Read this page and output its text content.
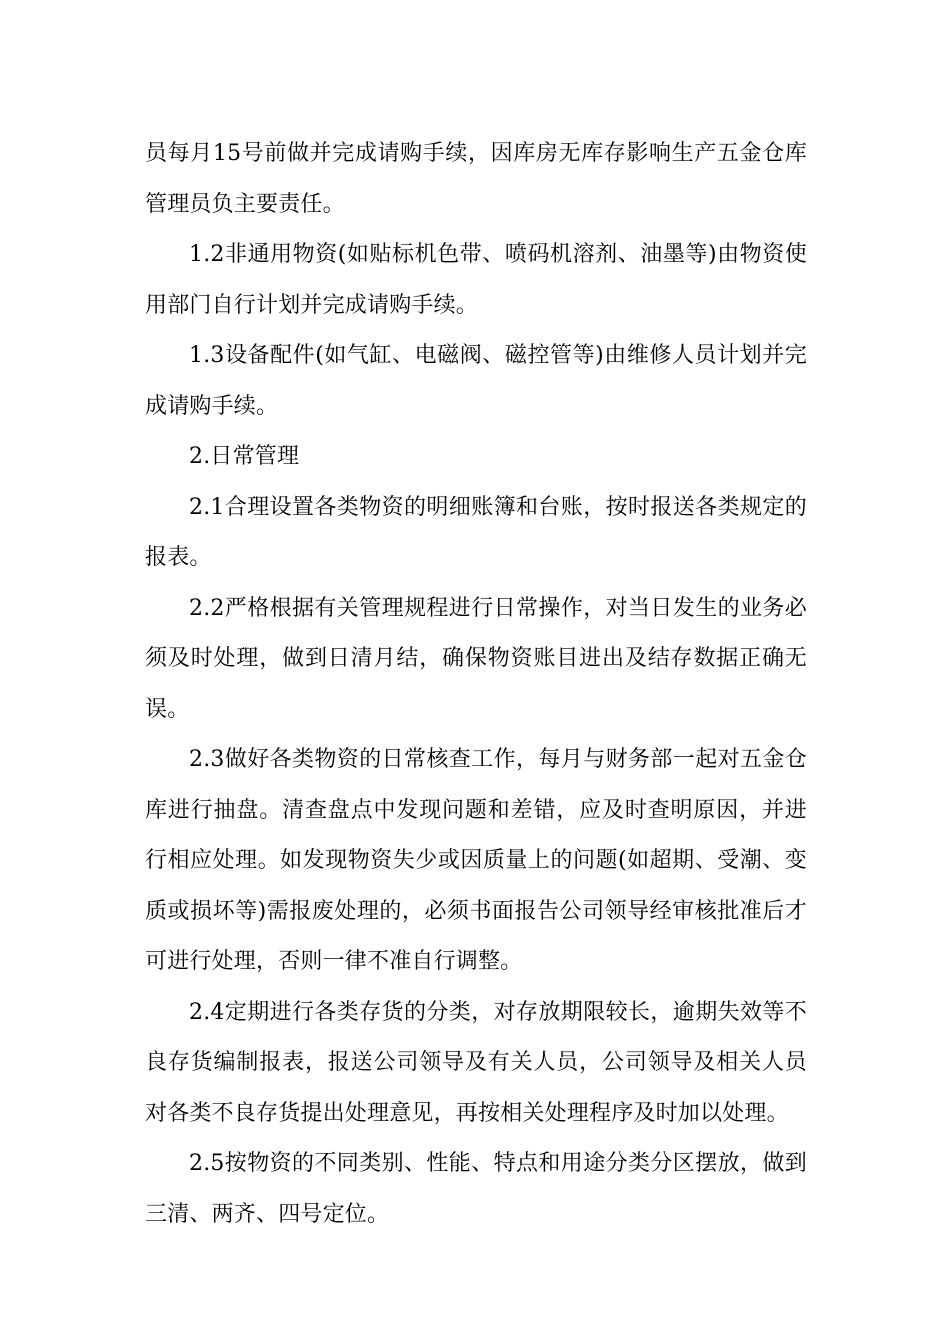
员每月15号前做并完成请购手续，因库房无库存影响生产五金仓库管理员负主要责任。

1.2非通用物资(如贴标机色带、喷码机溶剂、油墨等)由物资使用部门自行计划并完成请购手续。

1.3设备配件(如气缸、电磁阀、磁控管等)由维修人员计划并完成请购手续。

2.日常管理

2.1合理设置各类物资的明细账簿和台账，按时报送各类规定的报表。

2.2严格根据有关管理规程进行日常操作，对当日发生的业务必须及时处理，做到日清月结，确保物资账目进出及结存数据正确无误。

2.3做好各类物资的日常核查工作，每月与财务部一起对五金仓库进行抽盘。清查盘点中发现问题和差错，应及时查明原因，并进行相应处理。如发现物资失少或因质量上的问题(如超期、受潮、变质或损坏等)需报废处理的，必须书面报告公司领导经审核批准后才可进行处理，否则一律不准自行调整。

2.4定期进行各类存货的分类，对存放期限较长，逾期失效等不良存货编制报表，报送公司领导及有关人员，公司领导及相关人员对各类不良存货提出处理意见，再按相关处理程序及时加以处理。

2.5按物资的不同类别、性能、特点和用途分类分区摆放，做到三清、两齐、四号定位。
